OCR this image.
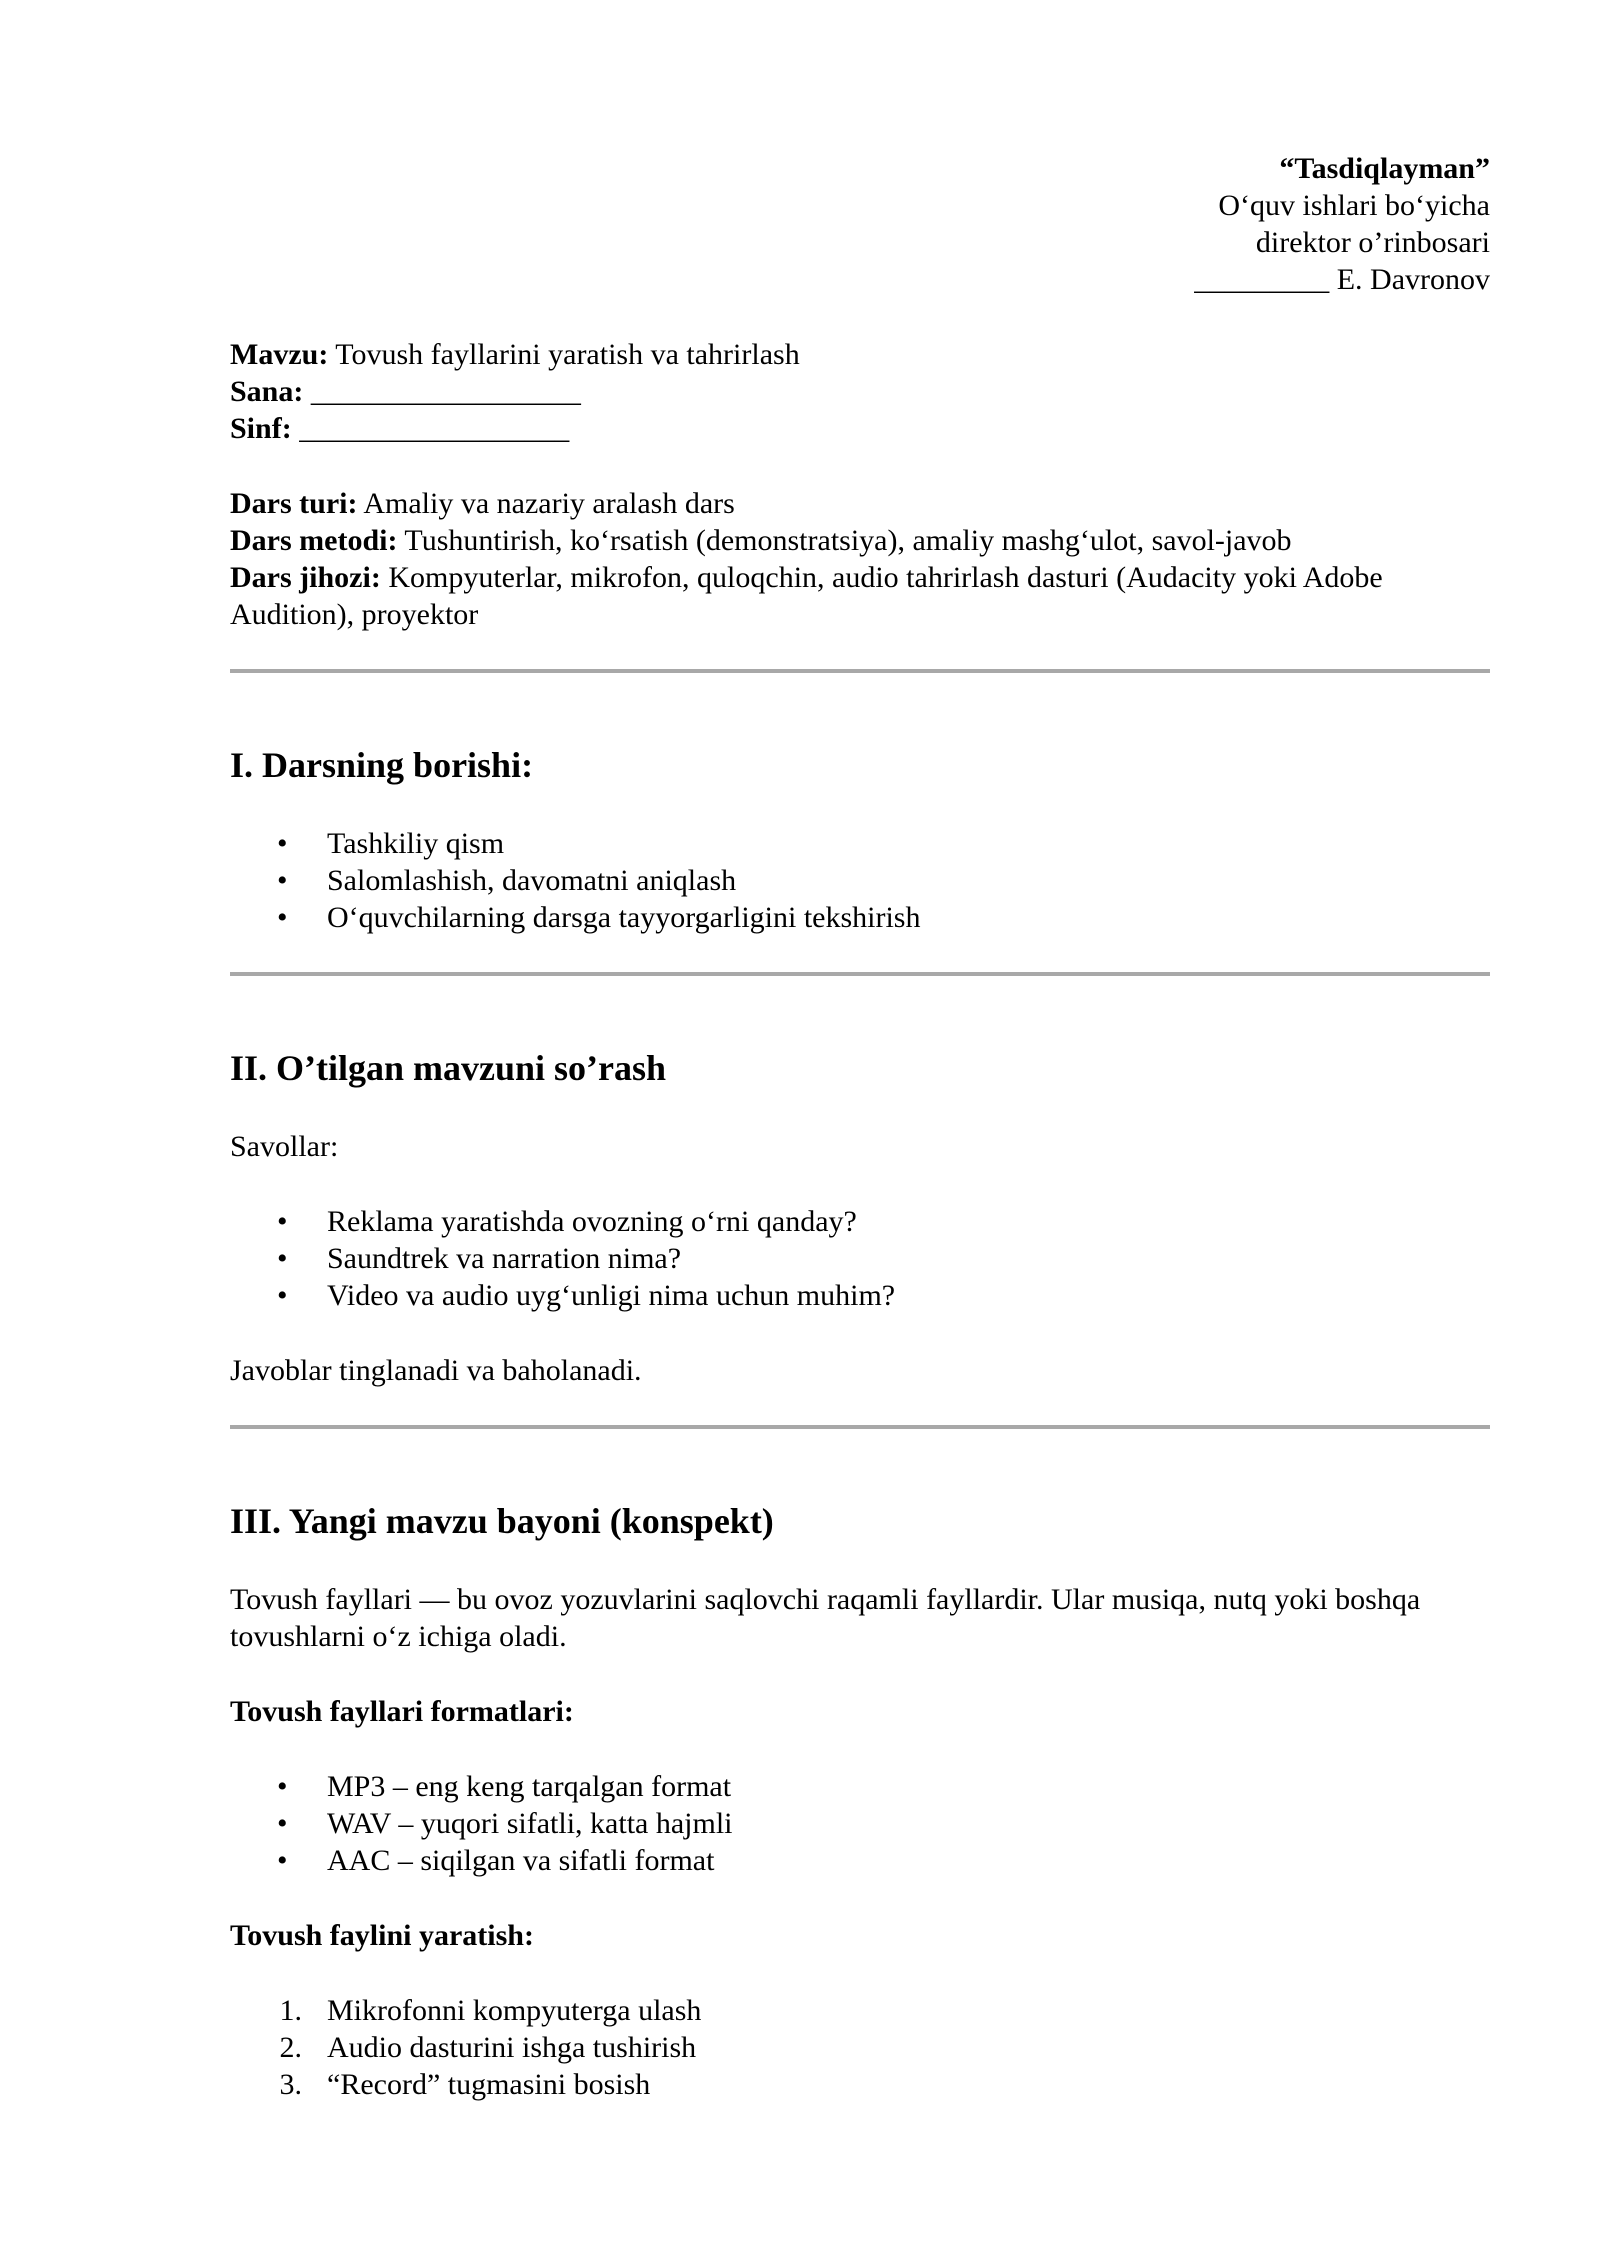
“Tasdiqlayman”
O‘quv ishlari bo‘yicha
direktor o’rinbosari
_________ E. Davronov
Mavzu: Tovush fayllarini yaratish va tahrirlash
Sana: __________________
Sinf: __________________
Dars turi: Amaliy va nazariy aralash dars
Dars metodi: Tushuntirish, ko‘rsatish (demonstratsiya), amaliy mashg‘ulot, savol-javob
Dars jihozi: Kompyuterlar, mikrofon, quloqchin, audio tahrirlash dasturi (Audacity yoki Adobe Audition), proyektor
I. Darsning borishi:
• Tashkiliy qism
• Salomlashish, davomatni aniqlash
• O‘quvchilarning darsga tayyorgarligini tekshirish
II. O’tilgan mavzuni so’rash
Savollar:
• Reklama yaratishda ovozning o‘rni qanday?
• Saundtrek va narration nima?
• Video va audio uyg‘unligi nima uchun muhim?
Javoblar tinglanadi va baholanadi.
III. Yangi mavzu bayoni (konspekt)
Tovush fayllari — bu ovoz yozuvlarini saqlovchi raqamli fayllardir. Ular musiqa, nutq yoki boshqa tovushlarni o‘z ichiga oladi.
Tovush fayllari formatlari:
• MP3 – eng keng tarqalgan format
• WAV – yuqori sifatli, katta hajmli
• AAC – siqilgan va sifatli format
Tovush faylini yaratish:
1. Mikrofonni kompyuterga ulash
2. Audio dasturini ishga tushirish
3. “Record” tugmasini bosish
